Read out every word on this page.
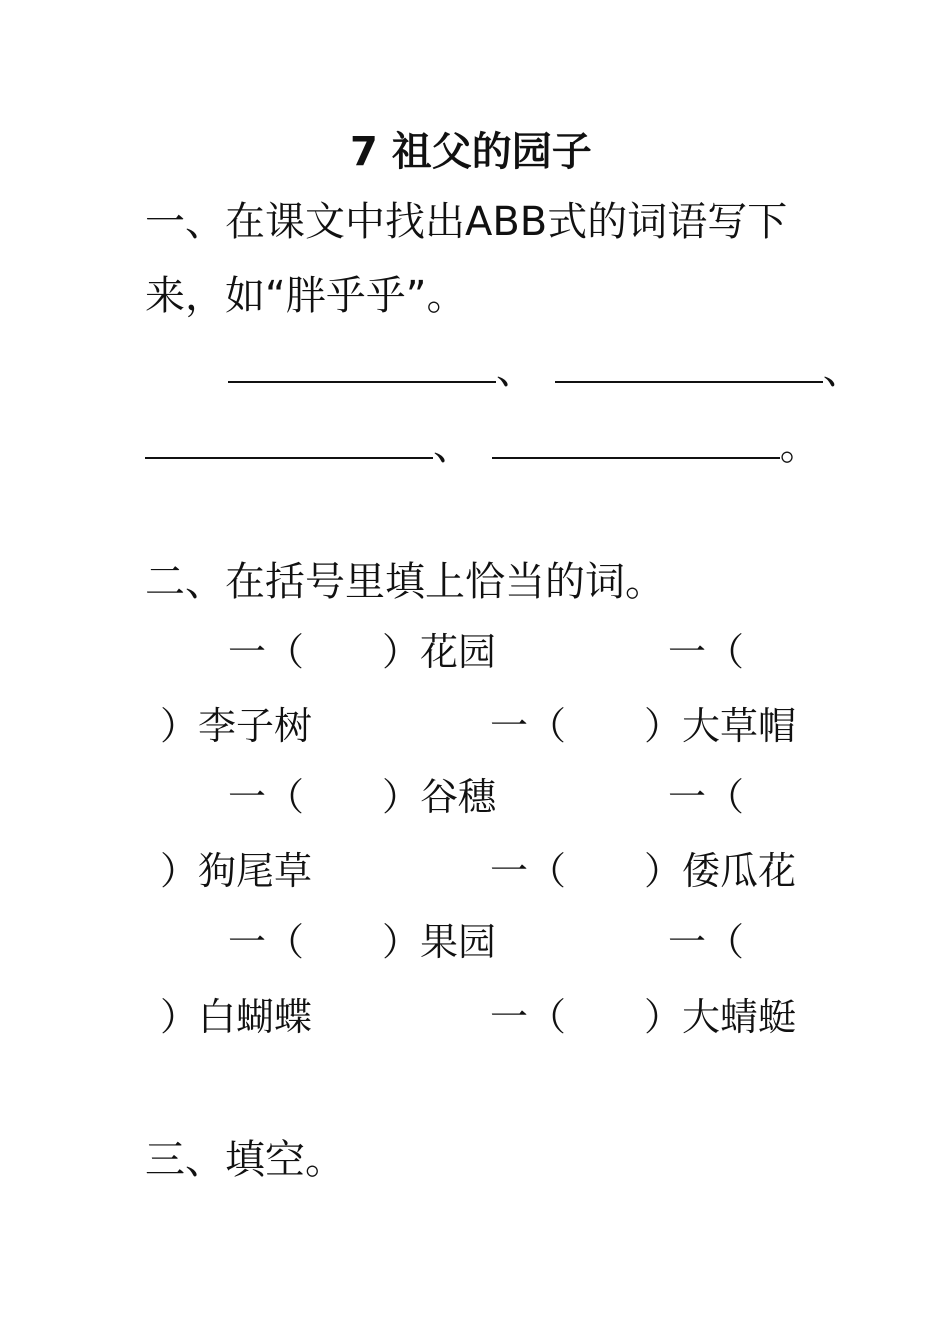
7 祖父的园子
一、在课文中找出ABB式的词语写下
来，如“胖乎乎”。
、	、
、	。
二、在括号里填上恰当的词。
一（ ）花园	一（
）李子树	一（ ）大草帽
一（ ）谷穗	一（
）狗尾草	一（ ）倭瓜花
一（ ）果园	一（
）白蝴蝶	一（ ）大蜻蜓
三、填空。
